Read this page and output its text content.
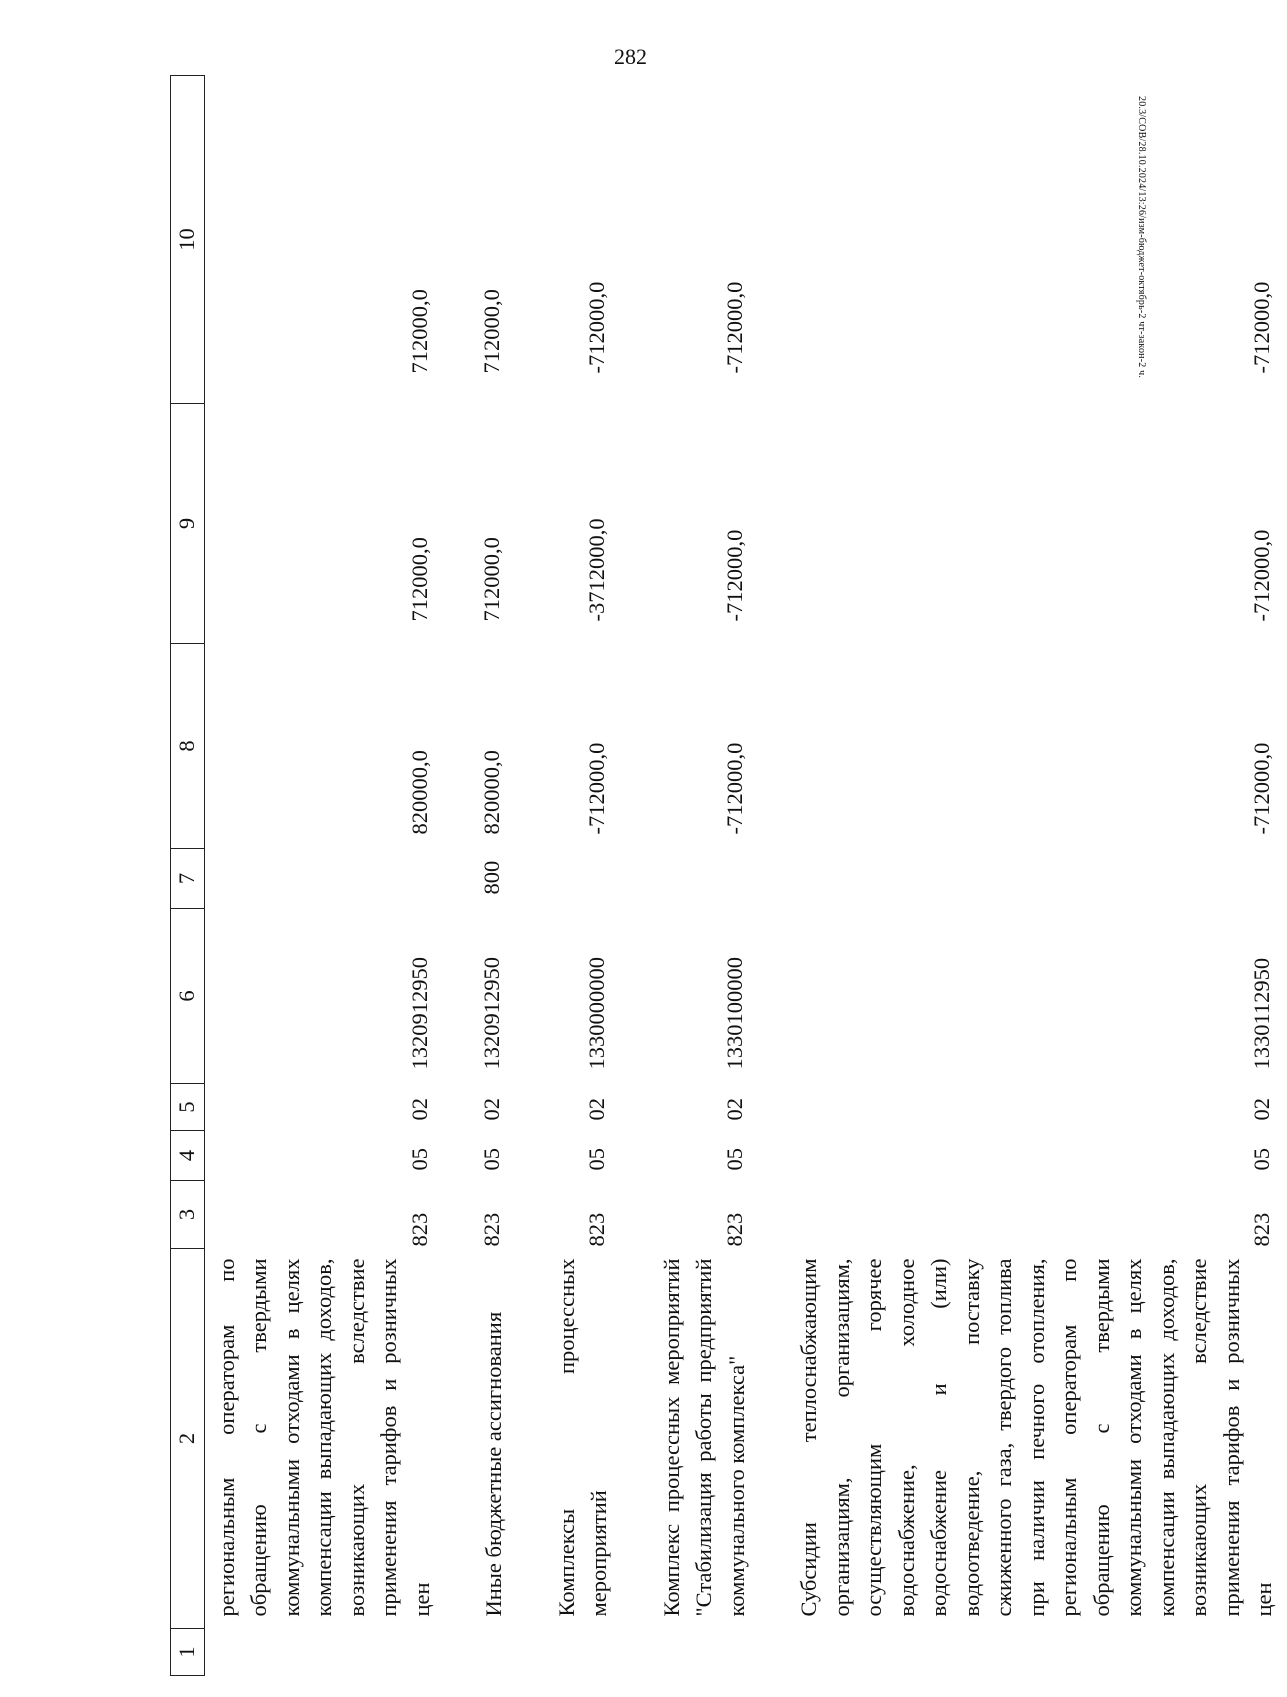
282
20.3/СОВ/28.10.2024/13:26/изм-бюджет-октябрь-2 чт-закон-2 ч.
1	2	3	4	5	6	7	8	9	10
	региональным операторам по обращению с твердыми коммунальными отходами в целях компенсации выпадающих доходов, возникающих вследствие применения тарифов и розничных цен	823	05	02	1320912950		820000,0	712000,0	712000,0

	Иные бюджетные ассигнования	823	05	02	1320912950	800	820000,0	712000,0	712000,0

	Комплексы процессных мероприятий	823	05	02	1330000000		-712000,0	-3712000,0	-712000,0

	Комплекс процессных мероприятий "Стабилизация работы предприятий коммунального комплекса"	823	05	02	1330100000		-712000,0	-712000,0	-712000,0

	Субсидии теплоснабжающим организациям, организациям, осуществляющим горячее водоснабжение, холодное водоснабжение и (или) водоотведение, поставку сжиженного газа, твердого топлива при наличии печного отопления, региональным операторам по обращению с твердыми коммунальными отходами в целях компенсации выпадающих доходов, возникающих вследствие применения тарифов и розничных цен	823	05	02	1330112950		-712000,0	-712000,0	-712000,0
